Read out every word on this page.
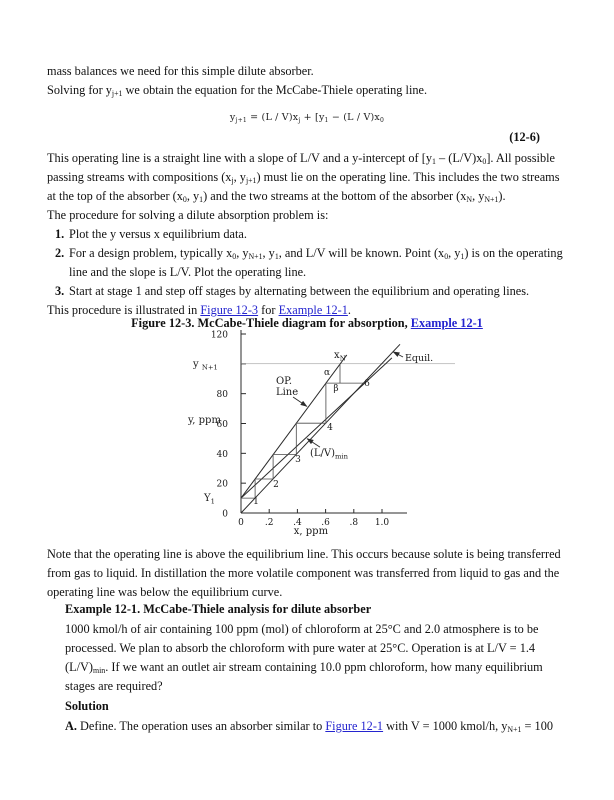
mass balances we need for this simple dilute absorber.
Solving for $y_{j+1}$ we obtain the equation for the McCabe-Thiele operating line.
$y_{j+1} = (L / V)x_j + [y_1 - (L / V)x_0$
(12-6)
This operating line is a straight line with a slope of L/V and a y-intercept of $[y_1 - (L/V)x_0]$. All possible passing streams with compositions ($x_j$, $y_{j+1}$) must lie on the operating line. This includes the two streams at the top of the absorber ($x_0$, $y_1$) and the two streams at the bottom of the absorber ($x_N$, $y_{N+1}$).
The procedure for solving a dilute absorption problem is:
1. Plot the y versus x equilibrium data.
2. For a design problem, typically $x_0$, $y_{N+1}$, $y_1$, and L/V will be known. Point ($x_0$, $y_1$) is on the operating line and the slope is L/V. Plot the operating line.
3. Start at stage 1 and step off stages by alternating between the equilibrium and operating lines.
This procedure is illustrated in Figure 12-3 for Example 12-1.
Figure 12-3. McCabe-Thiele diagram for absorption, Example 12-1
0 .2 .4 .6 .8 1.0
0
20
40
60
80
120
y, ppm
x, ppm
y $_{N+1}$
$Y_1$
$x_N$
OP.
Line
Equil.
$(L/V)_{min}$
1
2
3
4
6
α
β
Note that the operating line is above the equilibrium line. This occurs because solute is being transferred from gas to liquid. In distillation the more volatile component was transferred from liquid to gas and the operating line was below the equilibrium curve.
Example 12-1. McCabe-Thiele analysis for dilute absorber
1000 kmol/h of air containing 100 ppm (mol) of chloroform at 25°C and 2.0 atmosphere is to be processed. We plan to absorb the chloroform with pure water at 25°C. Operation is at L/V = 1.4 $(L/V)_{min}$. If we want an outlet air stream containing 10.0 ppm chloroform, how many equilibrium stages are required?
Solution
A. Define. The operation uses an absorber similar to Figure 12-1 with V = 1000 kmol/h, $y_{N+1} = 100$
